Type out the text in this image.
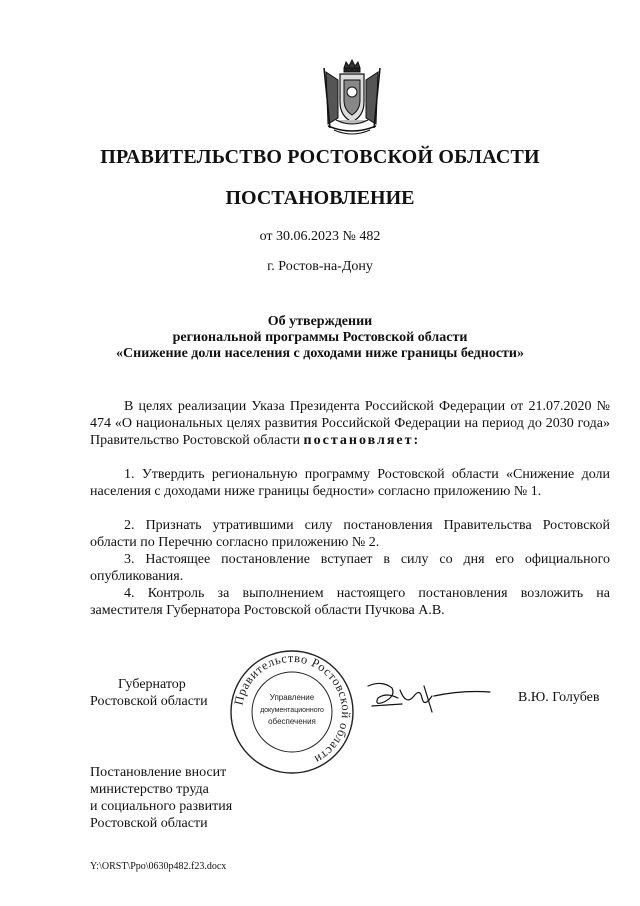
ПРАВИТЕЛЬСТВО РОСТОВСКОЙ ОБЛАСТИ
ПОСТАНОВЛЕНИЕ
от 30.06.2023 № 482
г. Ростов-на-Дону
Об утверждении
региональной программы Ростовской области
«Снижение доли населения с доходами ниже границы бедности»
В целях реализации Указа Президента Российской Федерации от 21.07.2020 № 474 «О национальных целях развития Российской Федерации на период до 2030 года» Правительство Ростовской области постановляет:
1. Утвердить региональную программу Ростовской области «Снижение доли населения с доходами ниже границы бедности» согласно приложению № 1.
2. Признать утратившими силу постановления Правительства Ростовской области по Перечню согласно приложению № 2.
3. Настоящее постановление вступает в силу со дня его официального опубликования.
4. Контроль за выполнением настоящего постановления возложить на заместителя Губернатора Ростовской области Пучкова А.В.
Губернатор
Ростовской области Правительство Ростовской области
Управление
документационного
обеспечения
В.Ю. Голубев
Постановление вносит
министерство труда
и социального развития
Ростовской области
Y:\ORST\Ppo\0630p482.f23.docx
